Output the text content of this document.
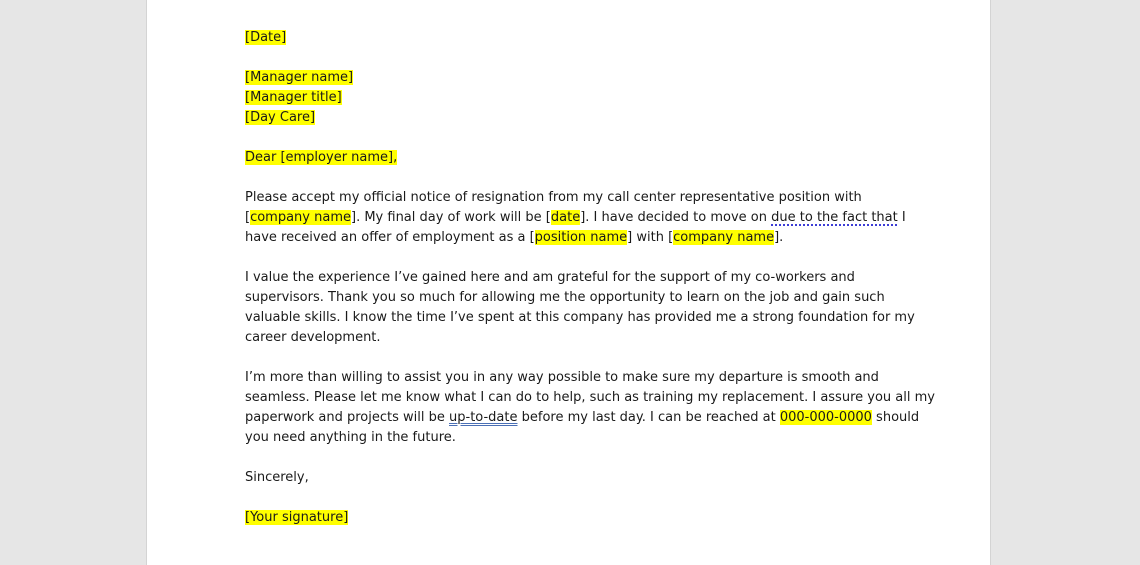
[Date]
[Manager name]
[Manager title]
[Day Care]
Dear [employer name],
Please accept my official notice of resignation from my call center representative position with
[company name]. My final day of work will be [date]. I have decided to move on due to the fact that I
have received an offer of employment as a [position name] with [company name].
I value the experience I’ve gained here and am grateful for the support of my co-workers and
supervisors. Thank you so much for allowing me the opportunity to learn on the job and gain such
valuable skills. I know the time I’ve spent at this company has provided me a strong foundation for my
career development.
I’m more than willing to assist you in any way possible to make sure my departure is smooth and
seamless. Please let me know what I can do to help, such as training my replacement. I assure you all my
paperwork and projects will be up-to-date before my last day. I can be reached at 000-000-0000 should
you need anything in the future.
Sincerely,
[Your signature]
